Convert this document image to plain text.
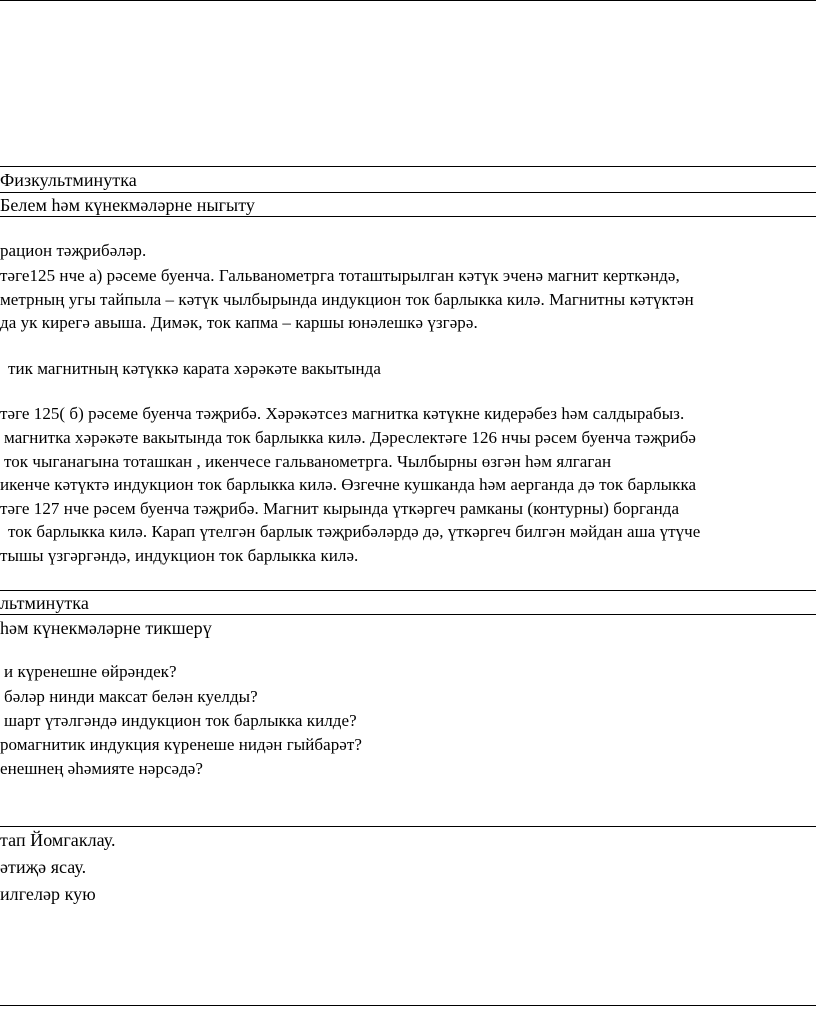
Физкультминутка
Белем һәм күнекмәләрне ныгыту
рацион тәҗрибәләр.
тәге125 нче а) рәсеме буенча. Гальванометрга тоташтырылган кәтүк эченә магнит керткәндә,
метрның угы тайпыла – кәтүк чылбырында индукцион ток барлыкка килә. Магнитны кәтүктән
да ук кирегә авыша. Димәк, ток капма – каршы юнәлешкә үзгәрә.
тик магнитның кәтүккә карата хәрәкәте вакытында
тәге 125( б) рәсеме буенча тәҗрибә. Хәрәкәтсез магнитка кәтүкне кидерәбез һәм салдырабыз.
магнитка хәрәкәте вакытында ток барлыкка килә. Дәреслектәге 126 нчы рәсем буенча тәҗрибә
ток чыганагына тоташкан , икенчесе гальванометрга. Чылбырны өзгән һәм ялгаган
икенче кәтүктә индукцион ток барлыкка килә. Өзгечне кушканда һәм аерганда дә ток барлыкка
тәге 127 нче рәсем буенча тәҗрибә. Магнит кырында үткәргеч рамканы (контурны) борганда
ток барлыкка килә. Карап үтелгән барлык тәҗрибәләрдә дә, үткәргеч билгән мәйдан аша үтүче
тышы үзгәргәндә, индукцион ток барлыкка килә.
льтминутка
һәм күнекмәләрне тикшерү
и күренешне өйрәндек?
бәләр нинди максат белән куелды?
шарт үтәлгәндә индукцион ток барлыкка килде?
ромагнитик индукция күренеше нидән гыйбарәт?
енешнең әһәмияте нәрсәдә?
тап Йомгаклау.
әтиҗә ясау.
илгеләр кую
